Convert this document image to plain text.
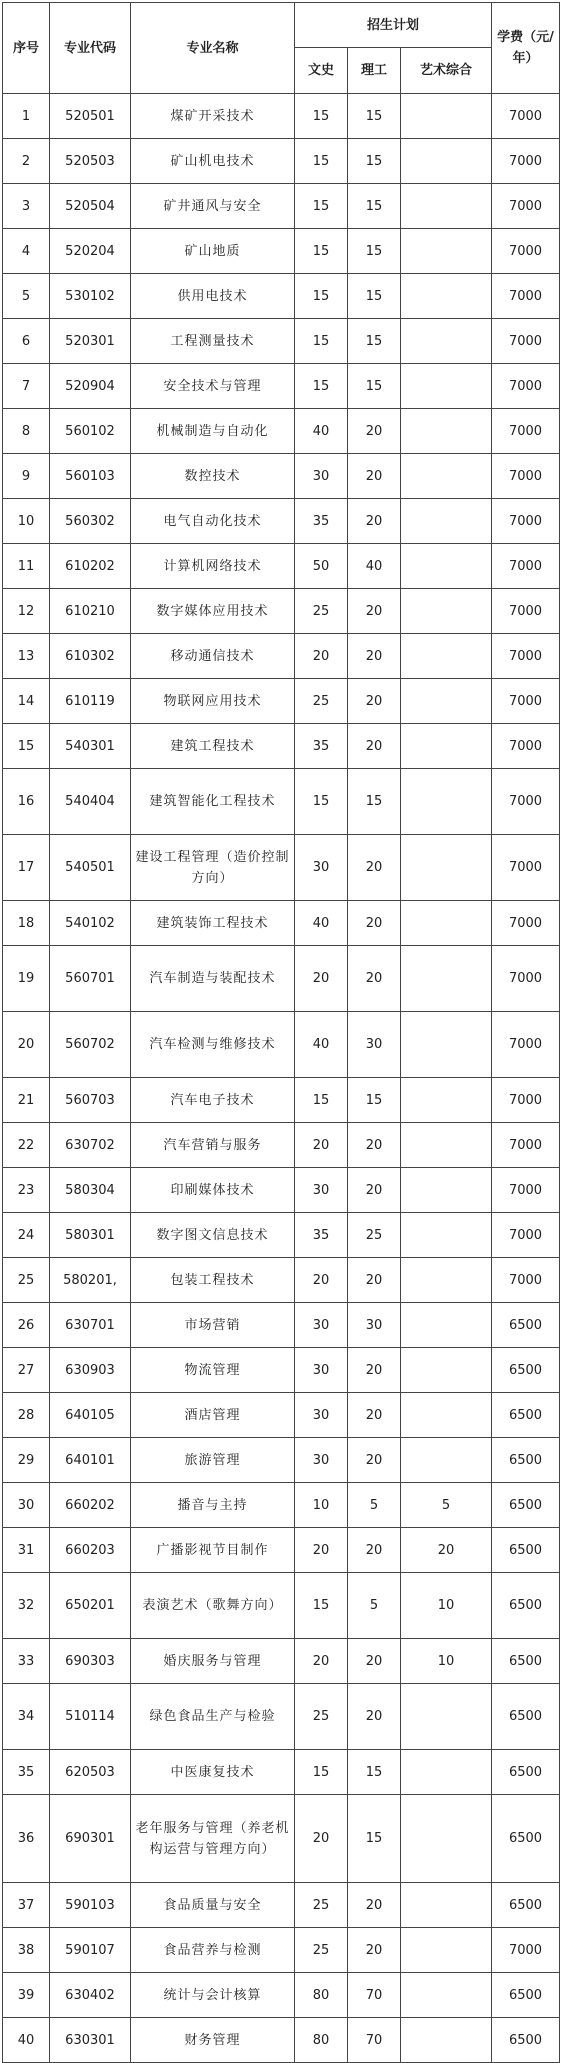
序号	专业代码	专业名称	招生计划			学费（元/年）
			文史	理工	艺术综合	
1	520501	煤矿开采技术	15	15		7000
2	520503	矿山机电技术	15	15		7000
3	520504	矿井通风与安全	15	15		7000
4	520204	矿山地质	15	15		7000
5	530102	供用电技术	15	15		7000
6	520301	工程测量技术	15	15		7000
7	520904	安全技术与管理	15	15		7000
8	560102	机械制造与自动化	40	20		7000
9	560103	数控技术	30	20		7000
10	560302	电气自动化技术	35	20		7000
11	610202	计算机网络技术	50	40		7000
12	610210	数字媒体应用技术	25	20		7000
13	610302	移动通信技术	20	20		7000
14	610119	物联网应用技术	25	20		7000
15	540301	建筑工程技术	35	20		7000
16	540404	建筑智能化工程技术	15	15		7000
17	540501	建设工程管理（造价控制方向）	30	20		7000
18	540102	建筑装饰工程技术	40	20		7000
19	560701	汽车制造与装配技术	20	20		7000
20	560702	汽车检测与维修技术	40	30		7000
21	560703	汽车电子技术	15	15		7000
22	630702	汽车营销与服务	20	20		7000
23	580304	印刷媒体技术	30	20		7000
24	580301	数字图文信息技术	35	25		7000
25	580201,	包装工程技术	20	20		7000
26	630701	市场营销	30	30		6500
27	630903	物流管理	30	20		6500
28	640105	酒店管理	30	20		6500
29	640101	旅游管理	30	20		6500
30	660202	播音与主持	10	5	5	6500
31	660203	广播影视节目制作	20	20	20	6500
32	650201	表演艺术（歌舞方向）	15	5	10	6500
33	690303	婚庆服务与管理	20	20	10	6500
34	510114	绿色食品生产与检验	25	20		6500
35	620503	中医康复技术	15	15		6500
36	690301	老年服务与管理（养老机构运营与管理方向）	20	15		6500
37	590103	食品质量与安全	25	20		6500
38	590107	食品营养与检测	25	20		7000
39	630402	统计与会计核算	80	70		6500
40	630301	财务管理	80	70		6500
